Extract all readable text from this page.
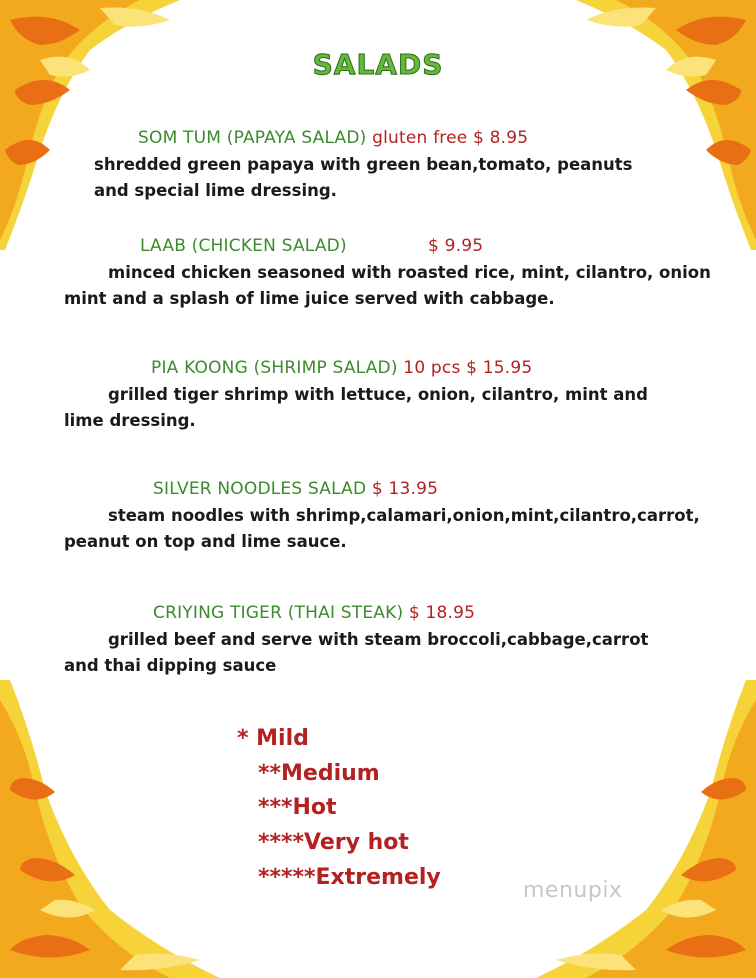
SALADS
SOM TUM (PAPAYA SALAD) gluten free $ 8.95
shredded green papaya with green bean,tomato, peanuts
and special lime dressing.
LAAB (CHICKEN SALAD)	$ 9.95
minced chicken seasoned with roasted rice, mint, cilantro, onion
mint and a splash of lime juice served with cabbage.
PIA KOONG (SHRIMP SALAD) 10 pcs $ 15.95
grilled tiger shrimp with lettuce, onion, cilantro, mint and
lime dressing.
SILVER NOODLES SALAD $ 13.95
steam noodles with shrimp,calamari,onion,mint,cilantro,carrot,
peanut on top and lime sauce.
CRIYING TIGER (THAI STEAK) $ 18.95
grilled beef and serve with steam broccoli,cabbage,carrot
and thai dipping sauce
* Mild
**Medium
***Hot
****Very hot
*****Extremely
menupix
